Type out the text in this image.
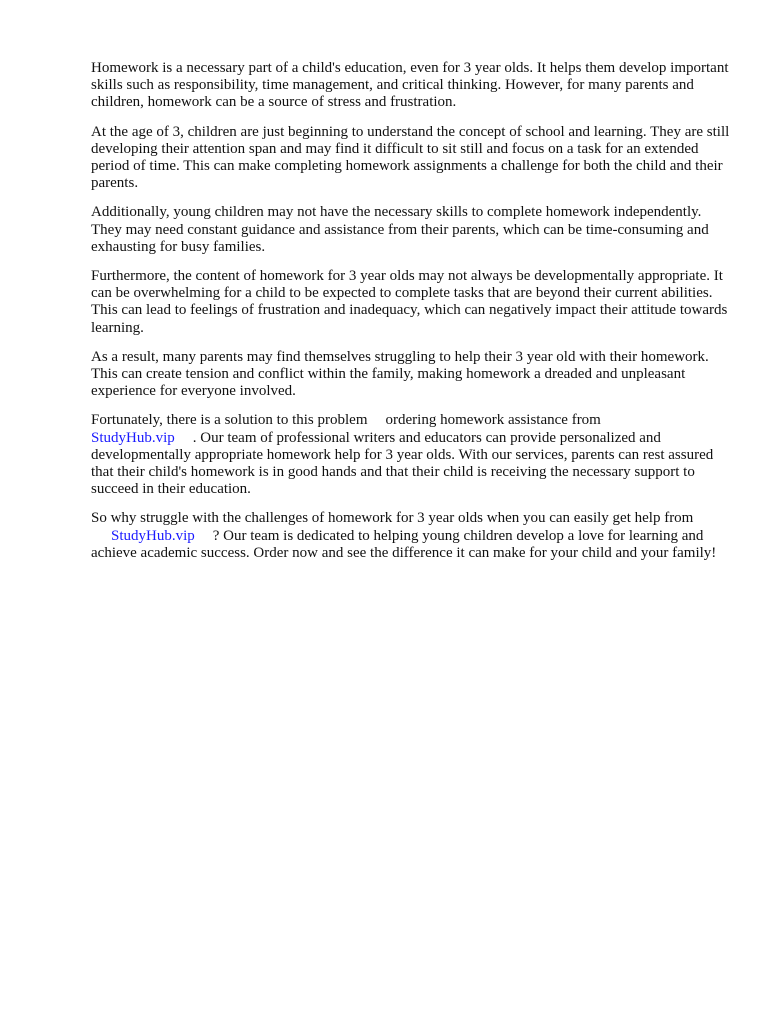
Homework is a necessary part of a child's education, even for 3 year olds. It helps them develop important skills such as responsibility, time management, and critical thinking. However, for many parents and children, homework can be a source of stress and frustration.

At the age of 3, children are just beginning to understand the concept of school and learning. They are still developing their attention span and may find it difficult to sit still and focus on a task for an extended period of time. This can make completing homework assignments a challenge for both the child and their parents.

Additionally, young children may not have the necessary skills to complete homework independently. They may need constant guidance and assistance from their parents, which can be time-consuming and exhausting for busy families.

Furthermore, the content of homework for 3 year olds may not always be developmentally appropriate. It can be overwhelming for a child to be expected to complete tasks that are beyond their current abilities. This can lead to feelings of frustration and inadequacy, which can negatively impact their attitude towards learning.

As a result, many parents may find themselves struggling to help their 3 year old with their homework. This can create tension and conflict within the family, making homework a dreaded and unpleasant experience for everyone involved.

Fortunately, there is a solution to this problem ordering homework assistance from
StudyHub.vip . Our team of professional writers and educators can provide personalized and developmentally appropriate homework help for 3 year olds. With our services, parents can rest assured that their child's homework is in good hands and that their child is receiving the necessary support to succeed in their education.

So why struggle with the challenges of homework for 3 year olds when you can easily get help from
StudyHub.vip ? Our team is dedicated to helping young children develop a love for learning and achieve academic success. Order now and see the difference it can make for your child and your family!
